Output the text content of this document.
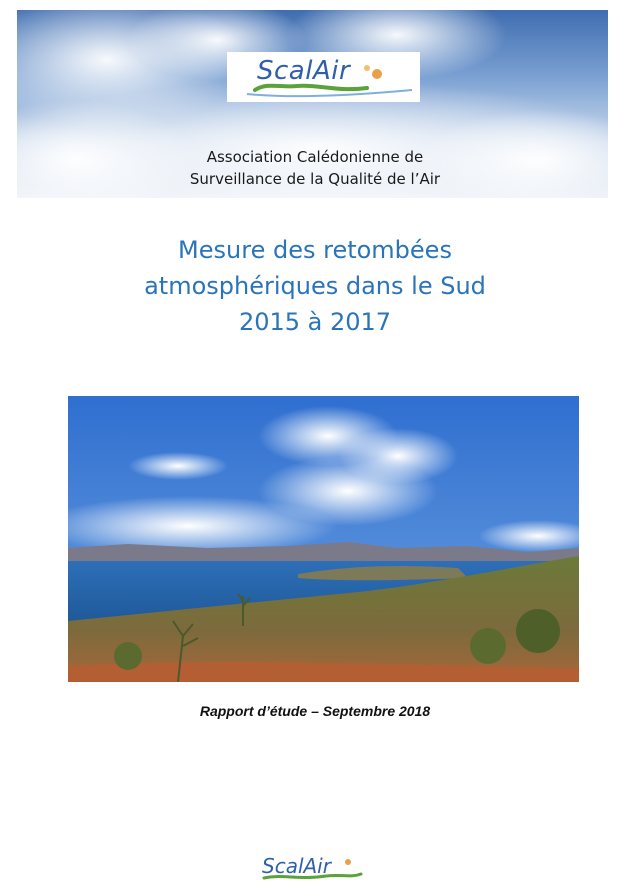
ScalAir
Association Calédonienne de
Surveillance de la Qualité de l’Air
Mesure des retombées
atmosphériques dans le Sud
2015 à 2017
Rapport d’étude – Septembre 2018
ScalAir
